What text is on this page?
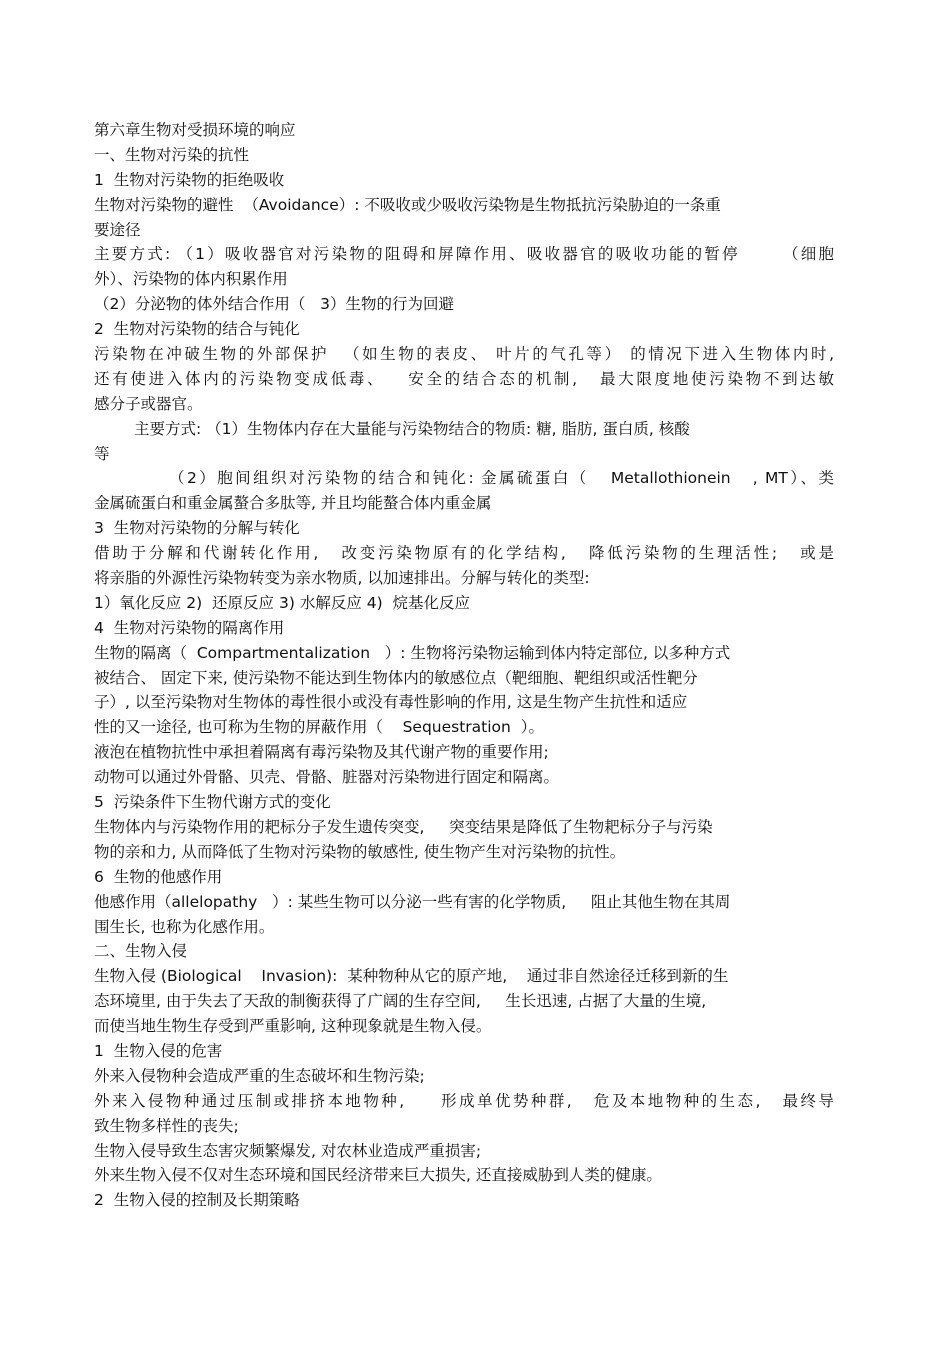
第六章生物对受损环境的响应
一、生物对污染的抗性
1  生物对污染物的拒绝吸收
生物对污染物的避性  （Avoidance）: 不吸收或少吸收污染物是生物抵抗污染胁迫的一条重
要途径
主要方式: （1）吸收器官对污染物的阻碍和屏障作用、吸收器官的吸收功能的暂停      （细胞
外）、污染物的体内积累作用
（2）分泌物的体外结合作用（   3）生物的行为回避
2  生物对污染物的结合与钝化
污染物在冲破生物的外部保护  （如生物的表皮、 叶片的气孔等） 的情况下进入生物体内时,
还有使进入体内的污染物变成低毒、   安全的结合态的机制,   最大限度地使污染物不到达敏
感分子或器官。
主要方式: （1）生物体内存在大量能与污染物结合的物质: 糖, 脂肪, 蛋白质, 核酸
等
（2）胞间组织对污染物的结合和钝化: 金属硫蛋白（   Metallothionein   , MT）、类
金属硫蛋白和重金属螯合多肽等, 并且均能螯合体内重金属
3  生物对污染物的分解与转化
借助于分解和代谢转化作用,   改变污染物原有的化学结构,   降低污染物的生理活性;   或是
将亲脂的外源性污染物转变为亲水物质, 以加速排出。分解与转化的类型:
1）氧化反应 2)  还原反应 3) 水解反应 4)  烷基化反应
4  生物对污染物的隔离作用
生物的隔离（  Compartmentalization   ）: 生物将污染物运输到体内特定部位, 以多种方式
被结合、 固定下来, 使污染物不能达到生物体内的敏感位点（靶细胞、靶组织或活性靶分
子）, 以至污染物对生物体的毒性很小或没有毒性影响的作用, 这是生物产生抗性和适应
性的又一途径, 也可称为生物的屏蔽作用（    Sequestration  ）。
液泡在植物抗性中承担着隔离有毒污染物及其代谢产物的重要作用;
动物可以通过外骨骼、贝壳、骨骼、脏器对污染物进行固定和隔离。
5  污染条件下生物代谢方式的变化
生物体内与污染物作用的耙标分子发生遗传突变,     突变结果是降低了生物耙标分子与污染
物的亲和力, 从而降低了生物对污染物的敏感性, 使生物产生对污染物的抗性。
6  生物的他感作用
他感作用（allelopathy   ）: 某些生物可以分泌一些有害的化学物质,     阻止其他生物在其周
围生长, 也称为化感作用。
二、生物入侵
生物入侵 (Biological    Invasion):  某种物种从它的原产地,    通过非自然途径迁移到新的生
态环境里, 由于失去了天敌的制衡获得了广阔的生存空间,     生长迅速, 占据了大量的生境,
而使当地生物生存受到严重影响, 这种现象就是生物入侵。
1  生物入侵的危害
外来入侵物种会造成严重的生态破坏和生物污染;
外来入侵物种通过压制或排挤本地物种,     形成单优势种群,   危及本地物种的生态,   最终导
致生物多样性的丧失;
生物入侵导致生态害灾频繁爆发, 对农林业造成严重损害;
外来生物入侵不仅对生态环境和国民经济带来巨大损失, 还直接威胁到人类的健康。
2  生物入侵的控制及长期策略
